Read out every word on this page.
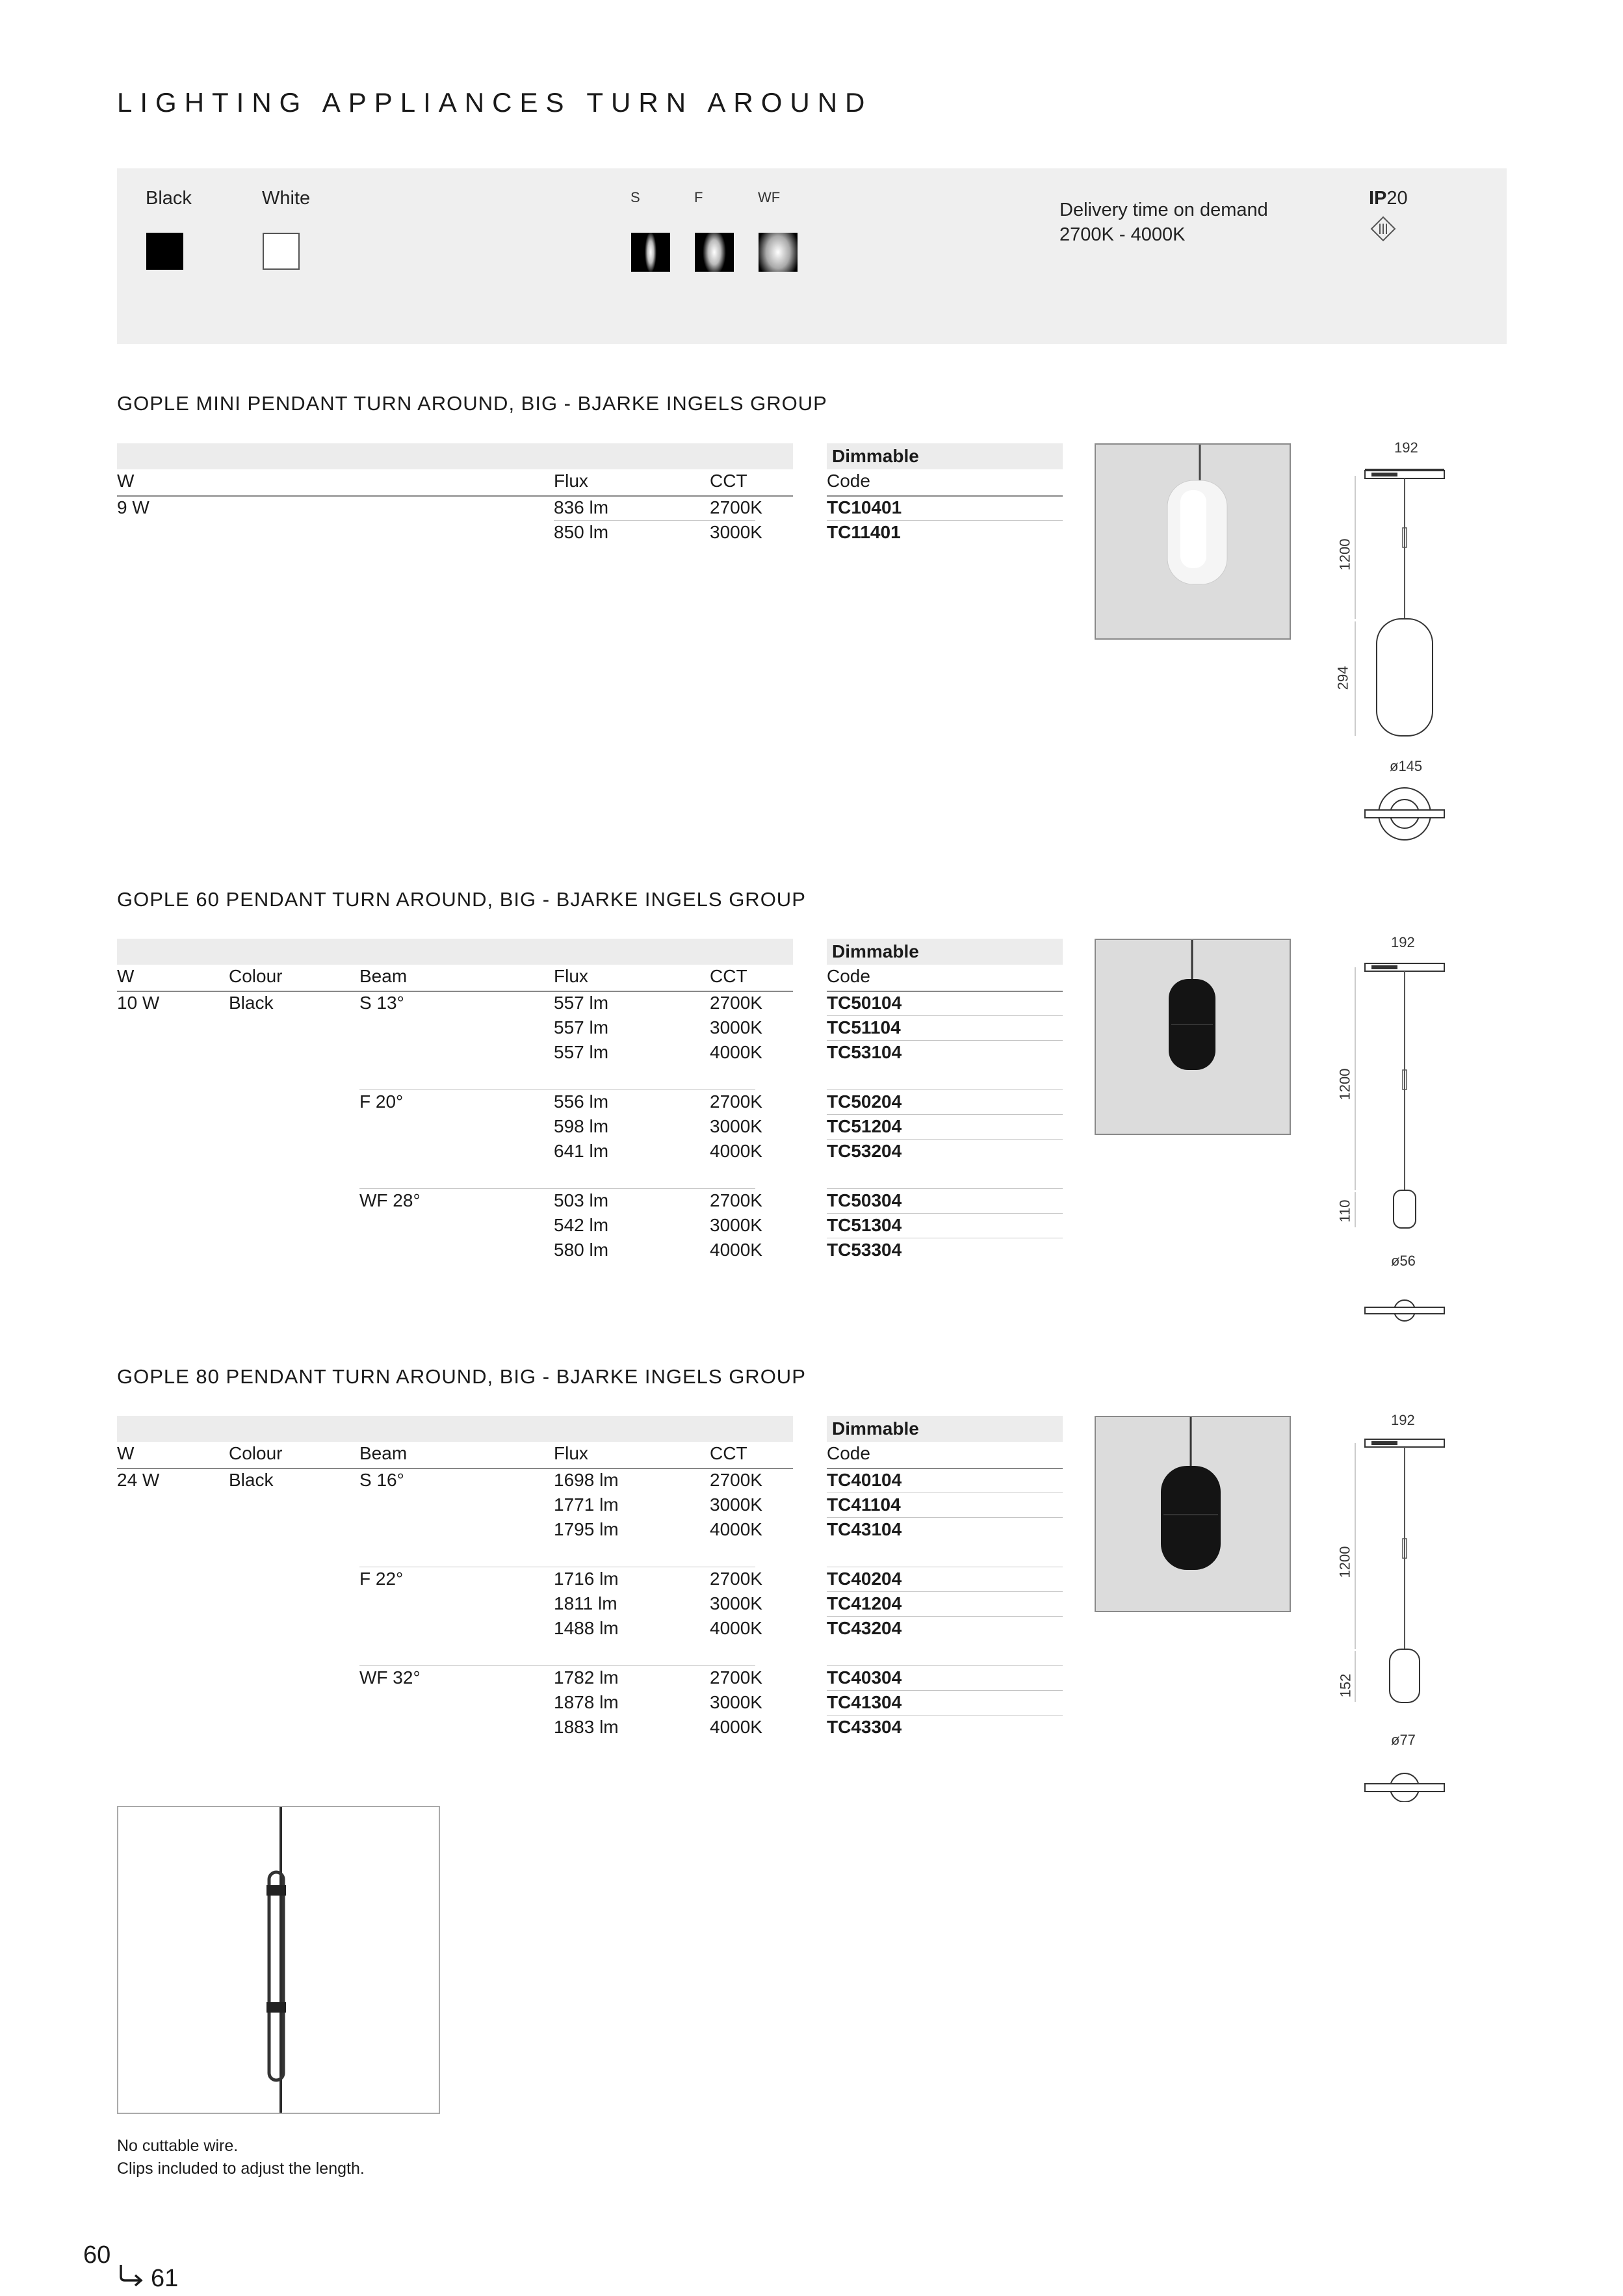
LIGHTING APPLIANCES TURN AROUND
Black	White	S	F	WF
Delivery time on demand
2700K - 4000K
IP20
GOPLE MINI PENDANT TURN AROUND, BIG - BJARKE INGELS GROUP
Dimmable
W	Flux	CCT	Code
9 W	836 lm	2700K	TC10401
850 lm	3000K	TC11401
192
1200
294
ø145
GOPLE 60 PENDANT TURN AROUND, BIG - BJARKE INGELS GROUP
Dimmable
W	Colour	Beam	Flux	CCT	Code
10 W	Black	S 13°	557 lm	2700K	TC50104
557 lm	3000K	TC51104
557 lm	4000K	TC53104
F 20°	556 lm	2700K	TC50204
598 lm	3000K	TC51204
641 lm	4000K	TC53204
WF 28°	503 lm	2700K	TC50304
542 lm	3000K	TC51304
580 lm	4000K	TC53304
192
1200
110
ø56
GOPLE 80 PENDANT TURN AROUND, BIG - BJARKE INGELS GROUP
Dimmable
W	Colour	Beam	Flux	CCT	Code
24 W	Black	S 16°	1698 lm	2700K	TC40104
1771 lm	3000K	TC41104
1795 lm	4000K	TC43104
F 22°	1716 lm	2700K	TC40204
1811 lm	3000K	TC41204
1488 lm	4000K	TC43204
WF 32°	1782 lm	2700K	TC40304
1878 lm	3000K	TC41304
1883 lm	4000K	TC43304
192
1200
152
ø77
No cuttable wire.
Clips included to adjust the length.
60
61
